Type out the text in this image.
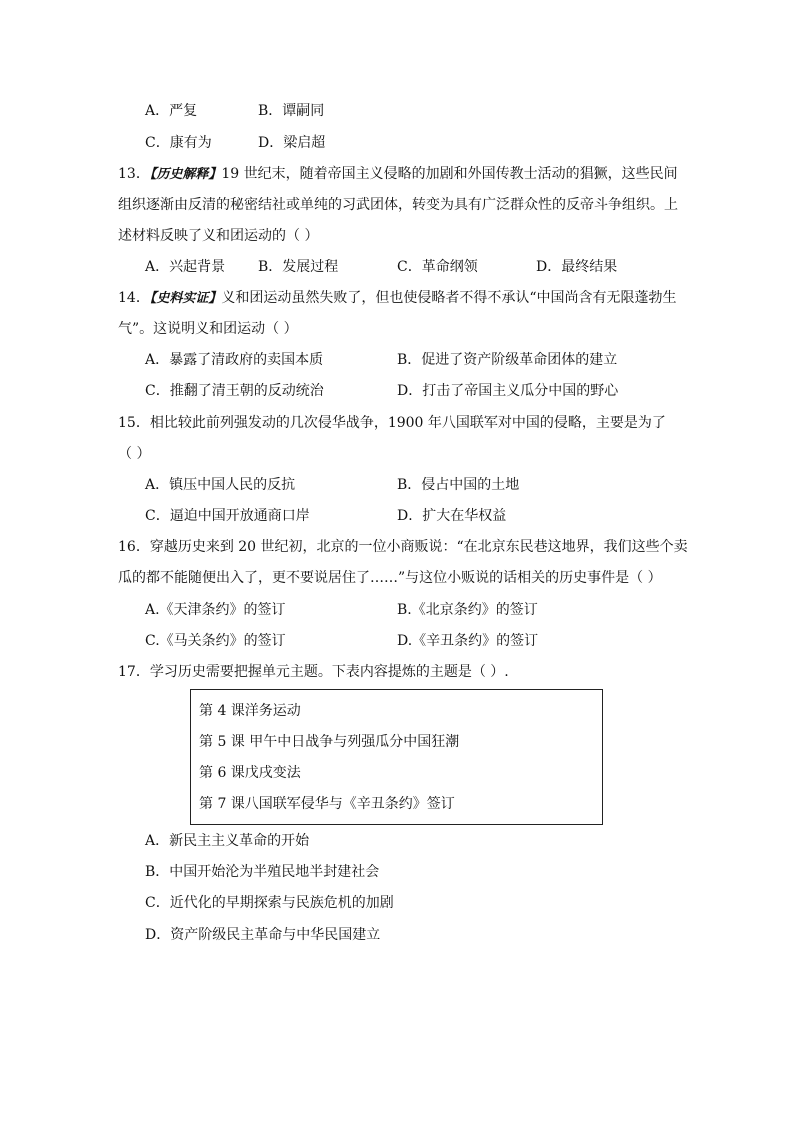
A．严复	B．谭嗣同
C．康有为	D．梁启超
13．【历史解释】19 世纪末，随着帝国主义侵略的加剧和外国传教士活动的猖獗，这些民间
组织逐渐由反清的秘密结社或单纯的习武团体，转变为具有广泛群众性的反帝斗争组织。上
述材料反映了义和团运动的（ ）
A．兴起背景 B．发展过程	C．革命纲领	D．最终结果
14．【史料实证】义和团运动虽然失败了，但也使侵略者不得不承认“中国尚含有无限蓬勃生
气”。这说明义和团运动（ ）
A．暴露了清政府的卖国本质	B．促进了资产阶级革命团体的建立
C．推翻了清王朝的反动统治	D．打击了帝国主义瓜分中国的野心
15．相比较此前列强发动的几次侵华战争，1900 年八国联军对中国的侵略，主要是为了
（ ）
A．镇压中国人民的反抗	B．侵占中国的土地
C．逼迫中国开放通商口岸	D．扩大在华权益
16．穿越历史来到 20 世纪初，北京的一位小商贩说：“在北京东民巷这地界，我们这些个卖
瓜的都不能随便出入了，更不要说居住了……”与这位小贩说的话相关的历史事件是（ ）
A.《天津条约》的签订	B.《北京条约》的签订
C.《马关条约》的签订	D.《辛丑条约》的签订
17．学习历史需要把握单元主题。下表内容提炼的主题是（ ）.
第 4 课洋务运动
第 5 课 甲午中日战争与列强瓜分中国狂潮
第 6 课戊戌变法
第 7 课八国联军侵华与《辛丑条约》签订
A．新民主主义革命的开始
B．中国开始沦为半殖民地半封建社会
C．近代化的早期探索与民族危机的加剧
D．资产阶级民主革命与中华民国建立
